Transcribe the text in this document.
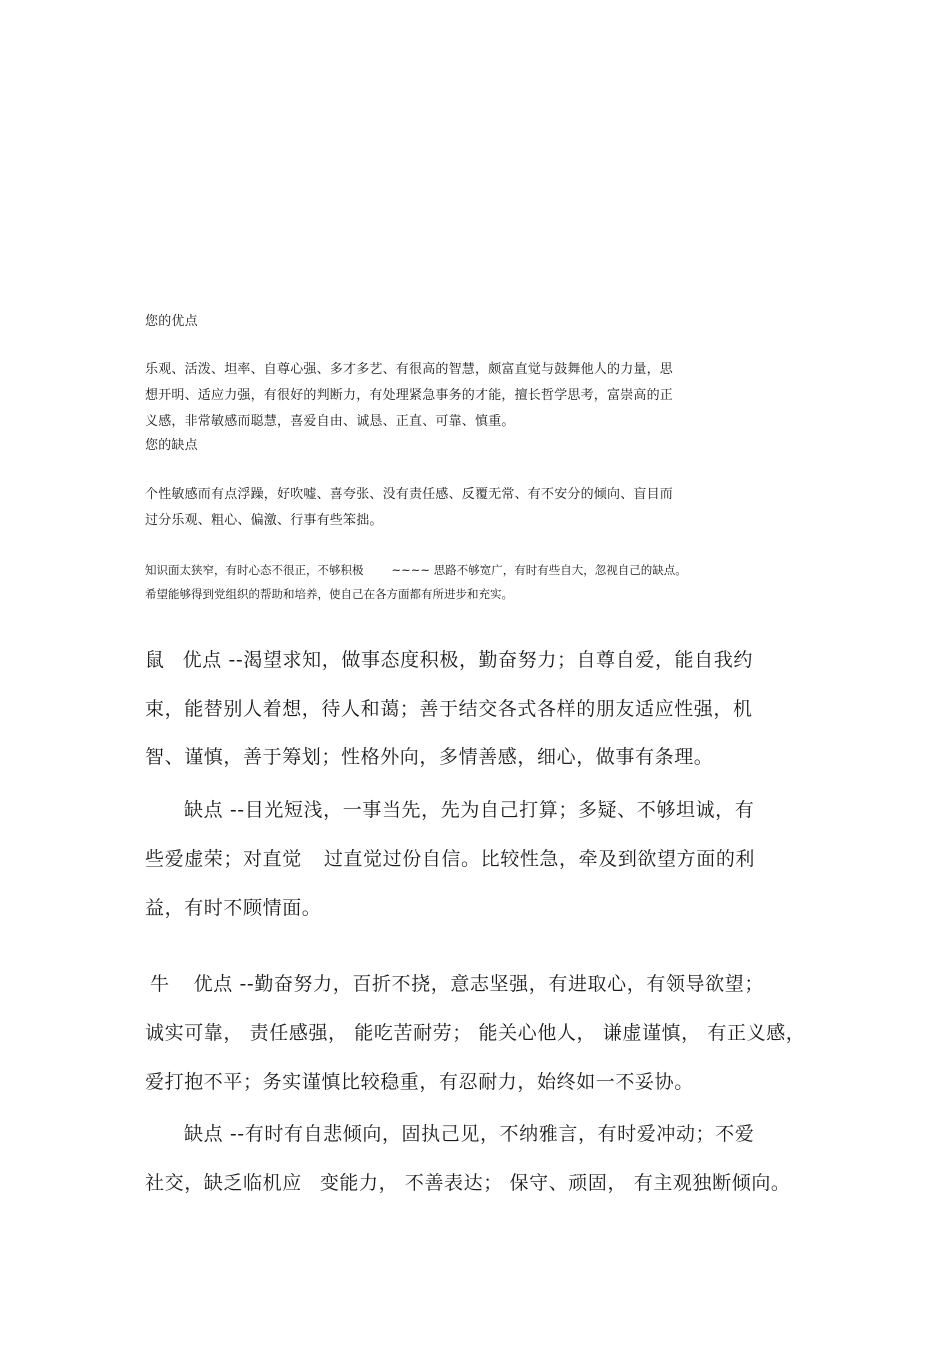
您的优点
乐观、活泼、坦率、自尊心强、多才多艺、有很高的智慧，颇富直觉与鼓舞他人的力量，思
想开明、适应力强，有很好的判断力，有处理紧急事务的才能，擅长哲学思考，富崇高的正
义感，非常敏感而聪慧，喜爱自由、诚恳、正直、可靠、慎重。
您的缺点
个性敏感而有点浮躁，好吹嘘、喜夸张、没有责任感、反覆无常、有不安分的倾向、盲目而
过分乐观、粗心、偏激、行事有些笨拙。
知识面太狭窄，有时心态不很正，不够积极 ~~~~ 思路不够宽广，有时有些自大，忽视自己的缺点。
希望能够得到党组织的帮助和培养，使自己在各方面都有所进步和充实。
鼠 优点 --渴望求知，做事态度积极，勤奋努力；自尊自爱，能自我约
束，能替别人着想，待人和蔼；善于结交各式各样的朋友适应性强，机
智、谨慎，善于筹划；性格外向，多情善感，细心，做事有条理。
缺点 --目光短浅，一事当先，先为自己打算；多疑、不够坦诚，有
些爱虚荣；对直觉 过直觉过份自信。比较性急，牵及到欲望方面的利
益，有时不顾情面。
牛 优点 --勤奋努力，百折不挠，意志坚强，有进取心，有领导欲望；
诚实可靠， 责任感强， 能吃苦耐劳； 能关心他人， 谦虚谨慎， 有正义感，
爱打抱不平；务实谨慎比较稳重，有忍耐力，始终如一不妥协。
缺点 --有时有自悲倾向，固执己见，不纳雅言，有时爱冲动；不爱
社交，缺乏临机应 变能力， 不善表达； 保守、顽固， 有主观独断倾向。
